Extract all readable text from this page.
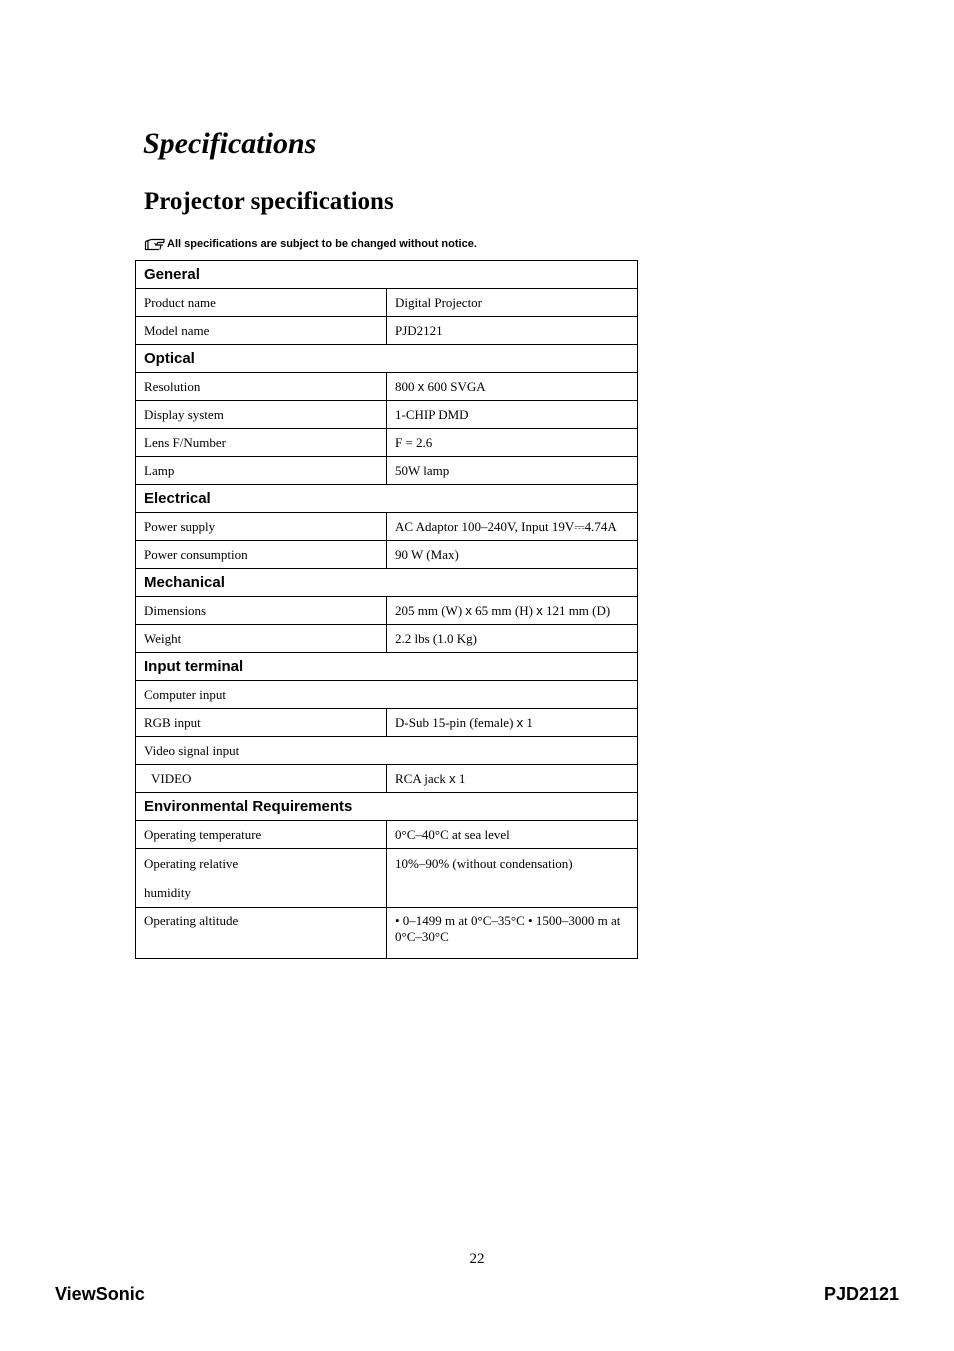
Specifications
Projector specifications
All specifications are subject to be changed without notice.
General	
Product name	Digital Projector
Model name	PJD2121
Optical	
Resolution	800 x 600 SVGA
Display system	1-CHIP DMD
Lens F/Number	F = 2.6
Lamp	50W lamp
Electrical	
Power supply	AC Adaptor 100–240V, Input 19V⎓4.74A
Power consumption	90 W (Max)
Mechanical	
Dimensions	205 mm (W) x 65 mm (H) x 121 mm (D)
Weight	2.2 lbs (1.0 Kg)
Input terminal	
Computer input	
RGB input	D-Sub 15-pin (female) x 1
Video signal input	
VIDEO	RCA jack x 1
Environmental Requirements	
Operating temperature	0°C–40°C at sea level

Operating relative
humidity	10%–90% (without condensation)

Operating altitude	• 0–1499 m at 0°C–35°C • 1500–3000 m at 0°C–30°C
22
ViewSonic	PJD2121
